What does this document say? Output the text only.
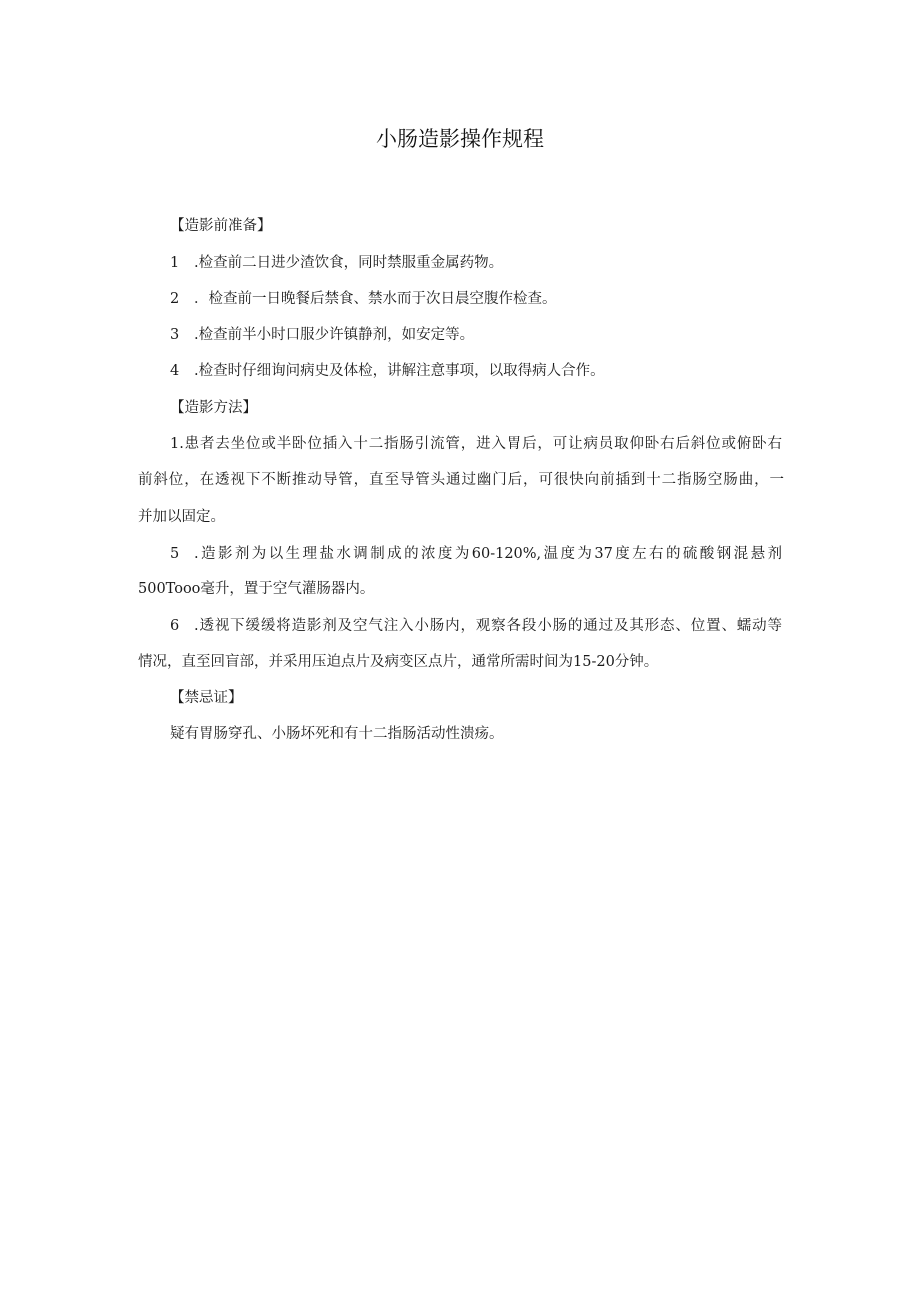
小肠造影操作规程
【造影前准备】
1 .检查前二日进少渣饮食，同时禁服重金属药物。
2 ．检查前一日晚餐后禁食、禁水而于次日晨空腹作检查。
3 .检查前半小时口服少许镇静剂，如安定等。
4 .检查时仔细询问病史及体检，讲解注意事项，以取得病人合作。
【造影方法】
1.患者去坐位或半卧位插入十二指肠引流管，进入胃后，可让病员取仰卧右后斜位或俯卧右
前斜位，在透视下不断推动导管，直至导管头通过幽门后，可很快向前插到十二指肠空肠曲，一
并加以固定。
5 .造影剂为以生理盐水调制成的浓度为60-120%,温度为37度左右的硫酸钢混悬剂
500Tooo毫升，置于空气灌肠器内。
6 .透视下缓缓将造影剂及空气注入小肠内，观察各段小肠的通过及其形态、位置、蠕动等
情况，直至回盲部，并采用压迫点片及病变区点片，通常所需时间为15-20分钟。
【禁忌证】
疑有胃肠穿孔、小肠坏死和有十二指肠活动性溃疡。
